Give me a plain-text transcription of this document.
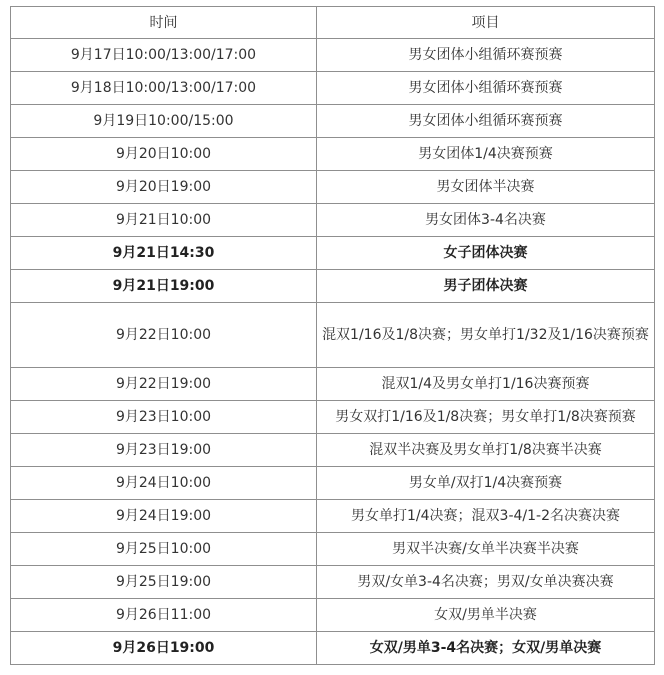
时间	项目
9月17日10:00/13:00/17:00	男女团体小组循环赛预赛
9月18日10:00/13:00/17:00	男女团体小组循环赛预赛
9月19日10:00/15:00	男女团体小组循环赛预赛
9月20日10:00	男女团体1/4决赛预赛
9月20日19:00	男女团体半决赛
9月21日10:00	男女团体3-4名决赛
9月21日14:30	女子团体决赛
9月21日19:00	男子团体决赛
9月22日10:00	混双1/16及1/8决赛；男女单打1/32及1/16决赛预赛
9月22日19:00	混双1/4及男女单打1/16决赛预赛
9月23日10:00	男女双打1/16及1/8决赛；男女单打1/8决赛预赛
9月23日19:00	混双半决赛及男女单打1/8决赛半决赛
9月24日10:00	男女单/双打1/4决赛预赛
9月24日19:00	男女单打1/4决赛；混双3-4/1-2名决赛决赛
9月25日10:00	男双半决赛/女单半决赛半决赛
9月25日19:00	男双/女单3-4名决赛；男双/女单决赛决赛
9月26日11:00	女双/男单半决赛
9月26日19:00	女双/男单3-4名决赛；女双/男单决赛
